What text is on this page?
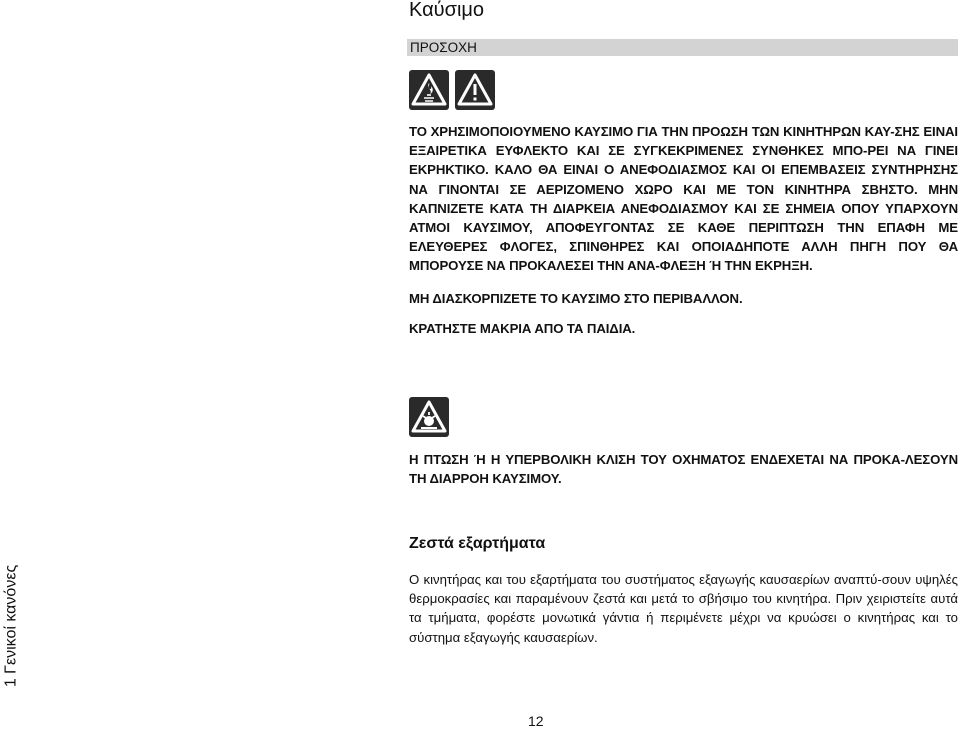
Καύσιμο
ΠΡΟΣΟΧΗ

ΤΟ ΧΡΗΣΙΜΟΠΟΙΟΥΜΕΝΟ ΚΑΥΣΙΜΟ ΓΙΑ ΤΗΝ ΠΡΟΩΣΗ ΤΩΝ ΚΙΝΗΤΗΡΩΝ ΚΑΥ-ΣΗΣ ΕΙΝΑΙ ΕΞΑΙΡΕΤΙΚΑ ΕΥΦΛΕΚΤΟ ΚΑΙ ΣΕ ΣΥΓΚΕΚΡΙΜΕΝΕΣ ΣΥΝΘΗΚΕΣ ΜΠΟ-ΡΕΙ ΝΑ ΓΙΝΕΙ ΕΚΡΗΚΤΙΚΟ. ΚΑΛΟ ΘΑ ΕΙΝΑΙ Ο ΑΝΕΦΟΔΙΑΣΜΟΣ ΚΑΙ ΟΙ ΕΠΕΜΒΑΣΕΙΣ ΣΥΝΤΗΡΗΣΗΣ ΝΑ ΓΙΝΟΝΤΑΙ ΣΕ ΑΕΡΙΖΟΜΕΝΟ ΧΩΡΟ ΚΑΙ ΜΕ ΤΟΝ ΚΙΝΗΤΗΡΑ ΣΒΗΣΤΟ. ΜΗΝ ΚΑΠΝΙΖΕΤΕ ΚΑΤΑ ΤΗ ΔΙΑΡΚΕΙΑ ΑΝΕΦΟΔΙΑΣΜΟΥ ΚΑΙ ΣΕ ΣΗΜΕΙΑ ΟΠΟΥ ΥΠΑΡΧΟΥΝ ΑΤΜΟΙ ΚΑΥΣΙΜΟΥ, ΑΠΟΦΕΥΓΟΝΤΑΣ ΣΕ ΚΑΘΕ ΠΕΡΙΠΤΩΣΗ ΤΗΝ ΕΠΑΦΗ ΜΕ ΕΛΕΥΘΕΡΕΣ ΦΛΟΓΕΣ, ΣΠΙΝΘΗΡΕΣ ΚΑΙ ΟΠΟΙΑΔΗΠΟΤΕ ΑΛΛΗ ΠΗΓΗ ΠΟΥ ΘΑ ΜΠΟΡΟΥΣΕ ΝΑ ΠΡΟΚΑΛΕΣΕΙ ΤΗΝ ΑΝΑ-ΦΛΕΞΗ Ή ΤΗΝ ΕΚΡΗΞΗ.

ΜΗ ΔΙΑΣΚΟΡΠΙΖΕΤΕ ΤΟ ΚΑΥΣΙΜΟ ΣΤΟ ΠΕΡΙΒΑΛΛΟΝ.

ΚΡΑΤΗΣΤΕ ΜΑΚΡΙΑ ΑΠΟ ΤΑ ΠΑΙΔΙΑ.

Η ΠΤΩΣΗ Ή Η ΥΠΕΡΒΟΛΙΚΗ ΚΛΙΣΗ ΤΟΥ ΟΧΗΜΑΤΟΣ ΕΝΔΕΧΕΤΑΙ ΝΑ ΠΡΟΚΑ-ΛΕΣΟΥΝ ΤΗ ΔΙΑΡΡΟΗ ΚΑΥΣΙΜΟΥ.

Ζεστά εξαρτήματα

Ο κινητήρας και του εξαρτήματα του συστήματος εξαγωγής καυσαερίων αναπτύ-σουν υψηλές θερμοκρασίες και παραμένουν ζεστά και μετά το σβήσιμο του κινητήρα. Πριν χειριστείτε αυτά τα τμήματα, φορέστε μονωτικά γάντια ή περιμένετε μέχρι να κρυώσει ο κινητήρας και το σύστημα εξαγωγής καυσαερίων.

1 Γενικοί κανόνες
12
